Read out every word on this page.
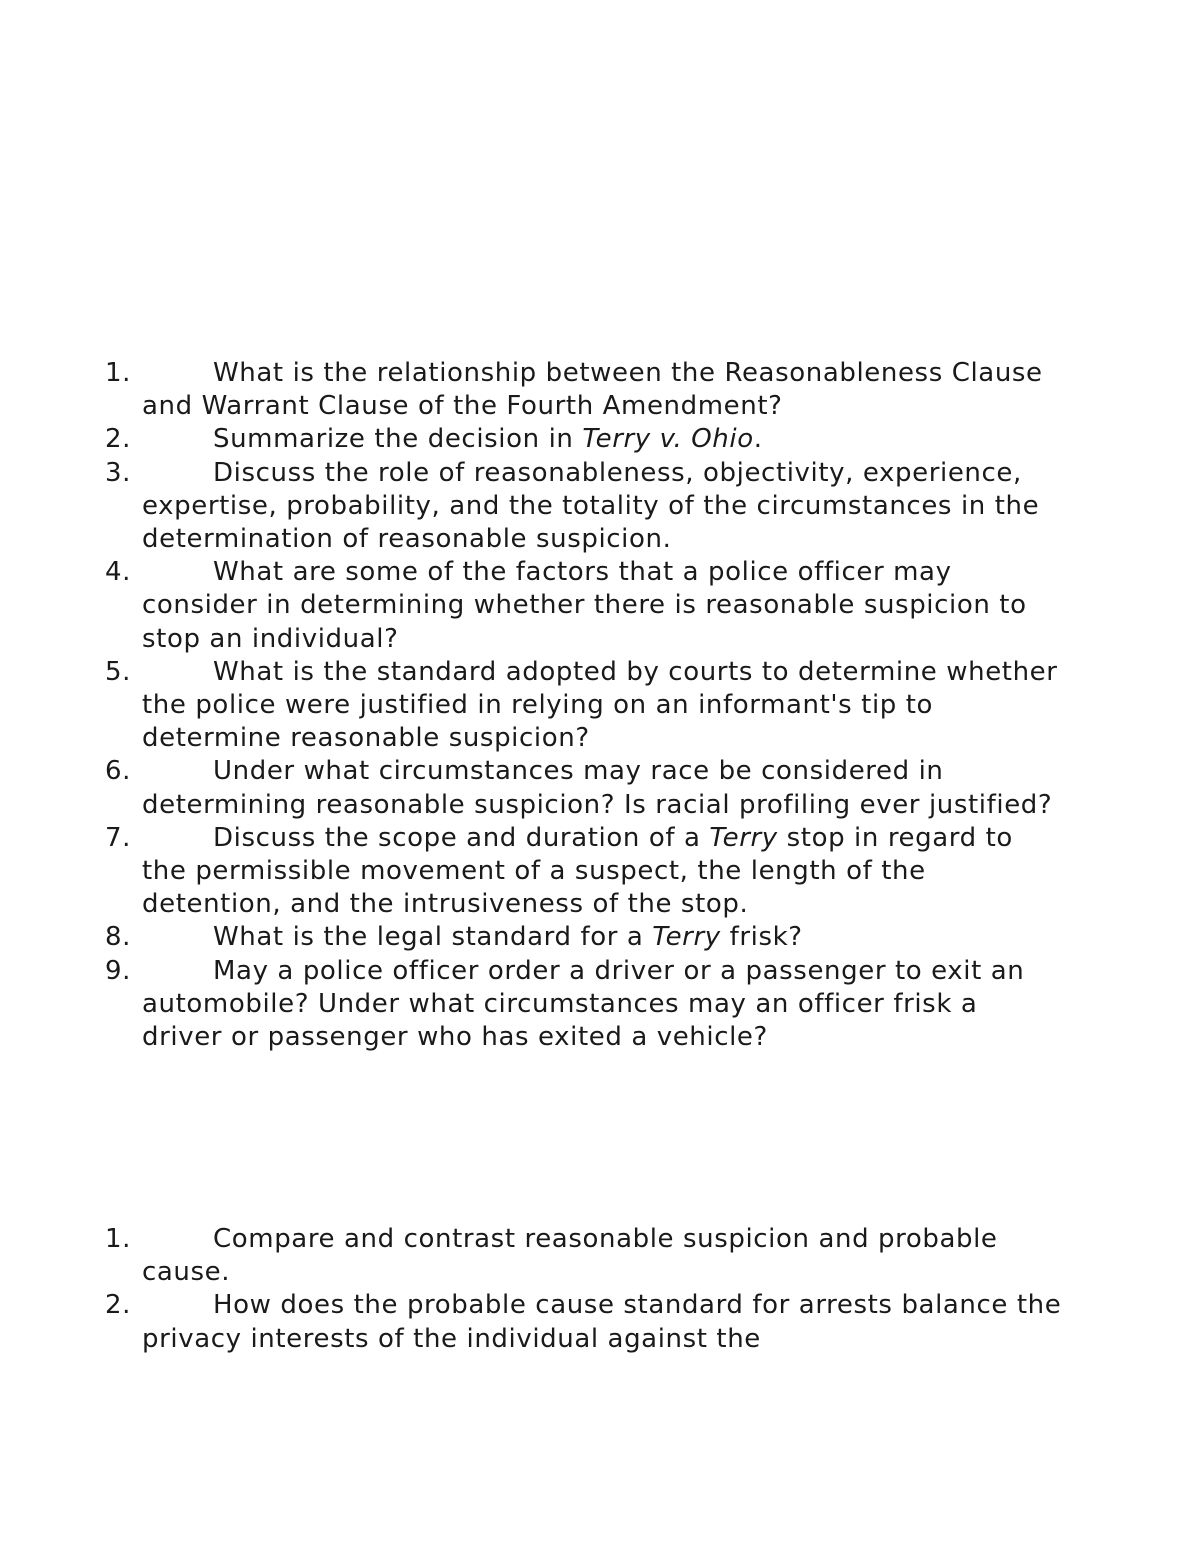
1.	What is the relationship between the Reasonableness Clause and Warrant Clause of the Fourth Amendment?
2.	Summarize the decision in Terry v. Ohio.
3.	Discuss the role of reasonableness, objectivity, experience, expertise, probability, and the totality of the circumstances in the determination of reasonable suspicion.
4.	What are some of the factors that a police officer may consider in determining whether there is reasonable suspicion to stop an individual?
5.	What is the standard adopted by courts to determine whether the police were justified in relying on an informant's tip to determine reasonable suspicion?
6.	Under what circumstances may race be considered in determining reasonable suspicion? Is racial profiling ever justified?
7.	Discuss the scope and duration of a Terry stop in regard to the permissible movement of a suspect, the length of the detention, and the intrusiveness of the stop.
8.	What is the legal standard for a Terry frisk?
9.	May a police officer order a driver or a passenger to exit an automobile? Under what circumstances may an officer frisk a driver or passenger who has exited a vehicle?
1.	Compare and contrast reasonable suspicion and probable cause.
2.	How does the probable cause standard for arrests balance the privacy interests of the individual against the
